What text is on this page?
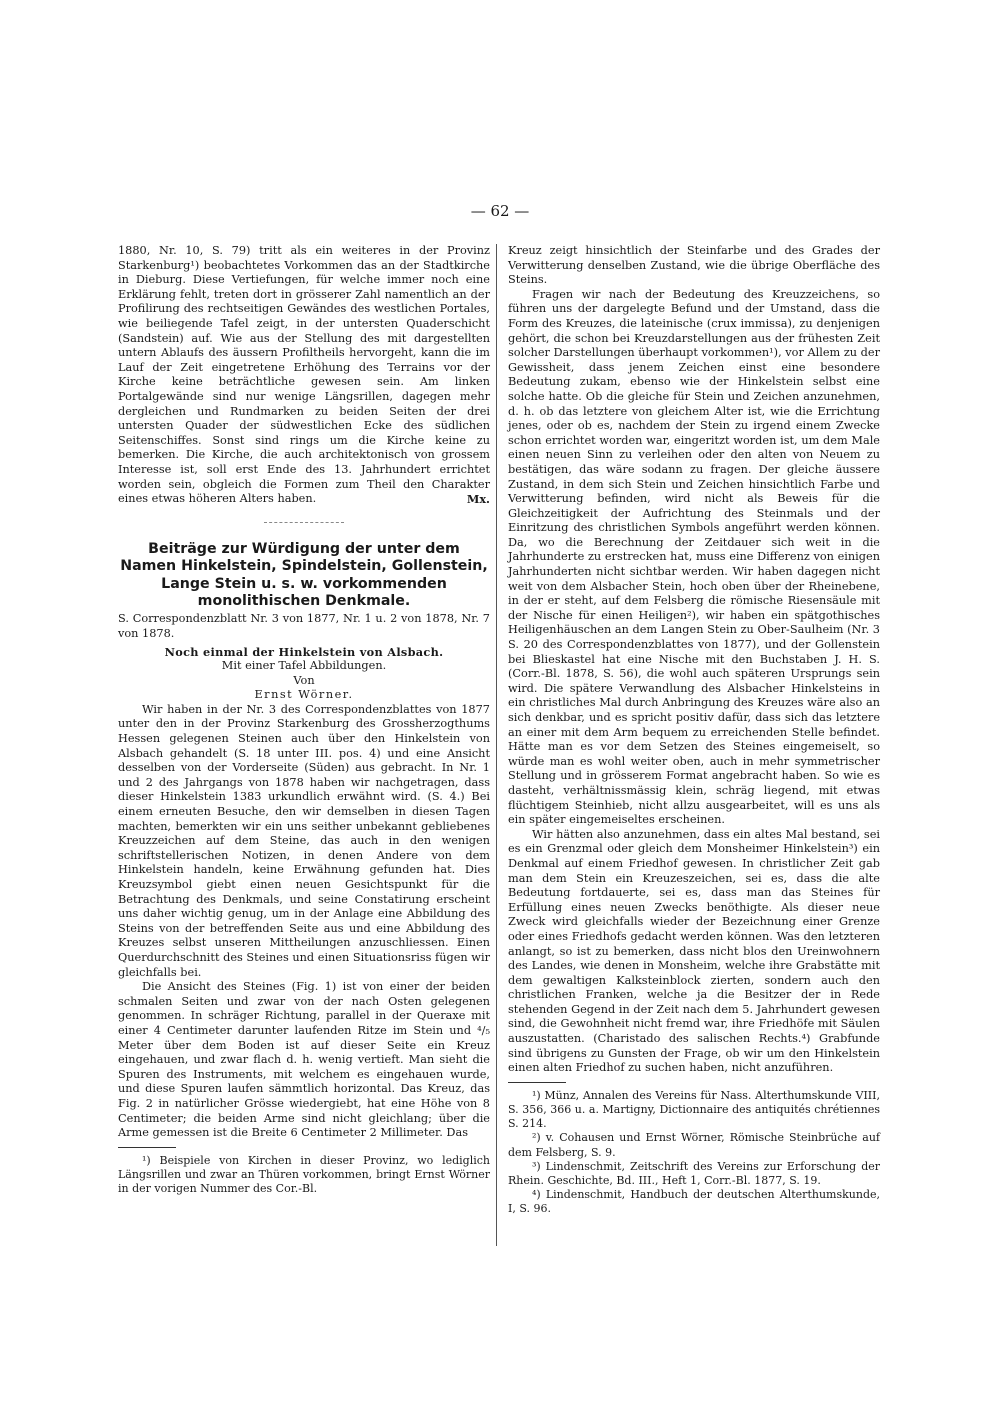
— 62 —

1880, Nr. 10, S. 79) tritt als ein weiteres in der Provinz Starkenburg¹) beobachtetes Vorkommen das an der Stadtkirche in Dieburg. Diese Vertiefungen, für welche immer noch eine Erklärung fehlt, treten dort in grösserer Zahl namentlich an der Profilirung des rechtseitigen Gewändes des westlichen Portales, wie beiliegende Tafel zeigt, in der untersten Quaderschicht (Sandstein) auf. Wie aus der Stellung des mit dargestellten untern Ablaufs des äussern Profiltheils hervorgeht, kann die im Lauf der Zeit eingetretene Erhöhung des Terrains vor der Kirche keine beträchtliche gewesen sein. Am linken Portalgewände sind nur wenige Längsrillen, dagegen mehr dergleichen und Rundmarken zu beiden Seiten der drei untersten Quader der südwestlichen Ecke des südlichen Seitenschiffes. Sonst sind rings um die Kirche keine zu bemerken. Die Kirche, die auch architektonisch von grossem Interesse ist, soll erst Ende des 13. Jahrhundert errichtet worden sein, obgleich die Formen zum Theil den Charakter eines etwas höheren Alters haben.	Mx.

Beiträge zur Würdigung der unter dem Namen Hinkelstein, Spindelstein, Gollenstein, Lange Stein u. s. w. vorkommenden monolithischen Denkmale.

S. Correspondenzblatt Nr. 3 von 1877, Nr. 1 u. 2 von 1878, Nr. 7 von 1878.

Noch einmal der Hinkelstein von Alsbach.
Mit einer Tafel Abbildungen.
Von
Ernst Wörner.

Wir haben in der Nr. 3 des Correspondenzblattes von 1877 unter den in der Provinz Starkenburg des Grossherzogthums Hessen gelegenen Steinen auch über den Hinkelstein von Alsbach gehandelt (S. 18 unter III. pos. 4) und eine Ansicht desselben von der Vorderseite (Süden) aus gebracht. In Nr. 1 und 2 des Jahrgangs von 1878 haben wir nachgetragen, dass dieser Hinkelstein 1383 urkundlich erwähnt wird. (S. 4.) Bei einem erneuten Besuche, den wir demselben in diesen Tagen machten, bemerkten wir ein uns seither unbekannt gebliebenes Kreuzzeichen auf dem Steine, das auch in den wenigen schriftstellerischen Notizen, in denen Andere von dem Hinkelstein handeln, keine Erwähnung gefunden hat. Dies Kreuzsymbol giebt einen neuen Gesichtspunkt für die Betrachtung des Denkmals, und seine Constatirung erscheint uns daher wichtig genug, um in der Anlage eine Abbildung des Steins von der betreffenden Seite aus und eine Abbildung des Kreuzes selbst unseren Mittheilungen anzuschliessen. Einen Querdurchschnitt des Steines und einen Situationsriss fügen wir gleichfalls bei.

Die Ansicht des Steines (Fig. 1) ist von einer der beiden schmalen Seiten und zwar von der nach Osten gelegenen genommen. In schräger Richtung, parallel in der Queraxe mit einer 4 Centimeter darunter laufenden Ritze im Stein und ⁴/₅ Meter über dem Boden ist auf dieser Seite ein Kreuz eingehauen, und zwar flach d. h. wenig vertieft. Man sieht die Spuren des Instruments, mit welchem es eingehauen wurde, und diese Spuren laufen sämmtlich horizontal. Das Kreuz, das Fig. 2 in natürlicher Grösse wiedergiebt, hat eine Höhe von 8 Centimeter; die beiden Arme sind nicht gleichlang; über die Arme gemessen ist die Breite 6 Centimeter 2 Millimeter. Das

¹) Beispiele von Kirchen in dieser Provinz, wo lediglich Längsrillen und zwar an Thüren vorkommen, bringt Ernst Wörner in der vorigen Nummer des Cor.-Bl.

Kreuz zeigt hinsichtlich der Steinfarbe und des Grades der Verwitterung denselben Zustand, wie die übrige Oberfläche des Steins.

Fragen wir nach der Bedeutung des Kreuzzeichens, so führen uns der dargelegte Befund und der Umstand, dass die Form des Kreuzes, die lateinische (crux immissa), zu denjenigen gehört, die schon bei Kreuzdarstellungen aus der frühesten Zeit solcher Darstellungen überhaupt vorkommen¹), vor Allem zu der Gewissheit, dass jenem Zeichen einst eine besondere Bedeutung zukam, ebenso wie der Hinkelstein selbst eine solche hatte. Ob die gleiche für Stein und Zeichen anzunehmen, d. h. ob das letztere von gleichem Alter ist, wie die Errichtung jenes, oder ob es, nachdem der Stein zu irgend einem Zwecke schon errichtet worden war, eingeritzt worden ist, um dem Male einen neuen Sinn zu verleihen oder den alten von Neuem zu bestätigen, das wäre sodann zu fragen. Der gleiche äussere Zustand, in dem sich Stein und Zeichen hinsichtlich Farbe und Verwitterung befinden, wird nicht als Beweis für die Gleichzeitigkeit der Aufrichtung des Steinmals und der Einritzung des christlichen Symbols angeführt werden können. Da, wo die Berechnung der Zeitdauer sich weit in die Jahrhunderte zu erstrecken hat, muss eine Differenz von einigen Jahrhunderten nicht sichtbar werden. Wir haben dagegen nicht weit von dem Alsbacher Stein, hoch oben über der Rheinebene, in der er steht, auf dem Felsberg die römische Riesensäule mit der Nische für einen Heiligen²), wir haben ein spätgothisches Heiligenhäuschen an dem Langen Stein zu Ober-Saulheim (Nr. 3 S. 20 des Correspondenzblattes von 1877), und der Gollenstein bei Blieskastel hat eine Nische mit den Buchstaben J. H. S. (Corr.-Bl. 1878, S. 56), die wohl auch späteren Ursprungs sein wird. Die spätere Verwandlung des Alsbacher Hinkelsteins in ein christliches Mal durch Anbringung des Kreuzes wäre also an sich denkbar, und es spricht positiv dafür, dass sich das letztere an einer mit dem Arm bequem zu erreichenden Stelle befindet. Hätte man es vor dem Setzen des Steines eingemeiselt, so würde man es wohl weiter oben, auch in mehr symmetrischer Stellung und in grösserem Format angebracht haben. So wie es dasteht, verhältnissmässig klein, schräg liegend, mit etwas flüchtigem Steinhieb, nicht allzu ausgearbeitet, will es uns als ein später eingemeiseltes erscheinen.

Wir hätten also anzunehmen, dass ein altes Mal bestand, sei es ein Grenzmal oder gleich dem Monsheimer Hinkelstein³) ein Denkmal auf einem Friedhof gewesen. In christlicher Zeit gab man dem Stein ein Kreuzeszeichen, sei es, dass die alte Bedeutung fortdauerte, sei es, dass man das Steines für Erfüllung eines neuen Zwecks benöthigte. Als dieser neue Zweck wird gleichfalls wieder der Bezeichnung einer Grenze oder eines Friedhofs gedacht werden können. Was den letzteren anlangt, so ist zu bemerken, dass nicht blos den Ureinwohnern des Landes, wie denen in Monsheim, welche ihre Grabstätte mit dem gewaltigen Kalksteinblock zierten, sondern auch den christlichen Franken, welche ja die Besitzer der in Rede stehenden Gegend in der Zeit nach dem 5. Jahrhundert gewesen sind, die Gewohnheit nicht fremd war, ihre Friedhöfe mit Säulen auszustatten. (Charistado des salischen Rechts.⁴) Grabfunde sind übrigens zu Gunsten der Frage, ob wir um den Hinkelstein einen alten Friedhof zu suchen haben, nicht anzuführen.

¹) Münz, Annalen des Vereins für Nass. Alterthumskunde VIII, S. 356, 366 u. a. Martigny, Dictionnaire des antiquités chrétiennes S. 214.

²) v. Cohausen und Ernst Wörner, Römische Steinbrüche auf dem Felsberg, S. 9.

³) Lindenschmit, Zeitschrift des Vereins zur Erforschung der Rhein. Geschichte, Bd. III., Heft 1, Corr.-Bl. 1877, S. 19.

⁴) Lindenschmit, Handbuch der deutschen Alterthumskunde, I, S. 96.
